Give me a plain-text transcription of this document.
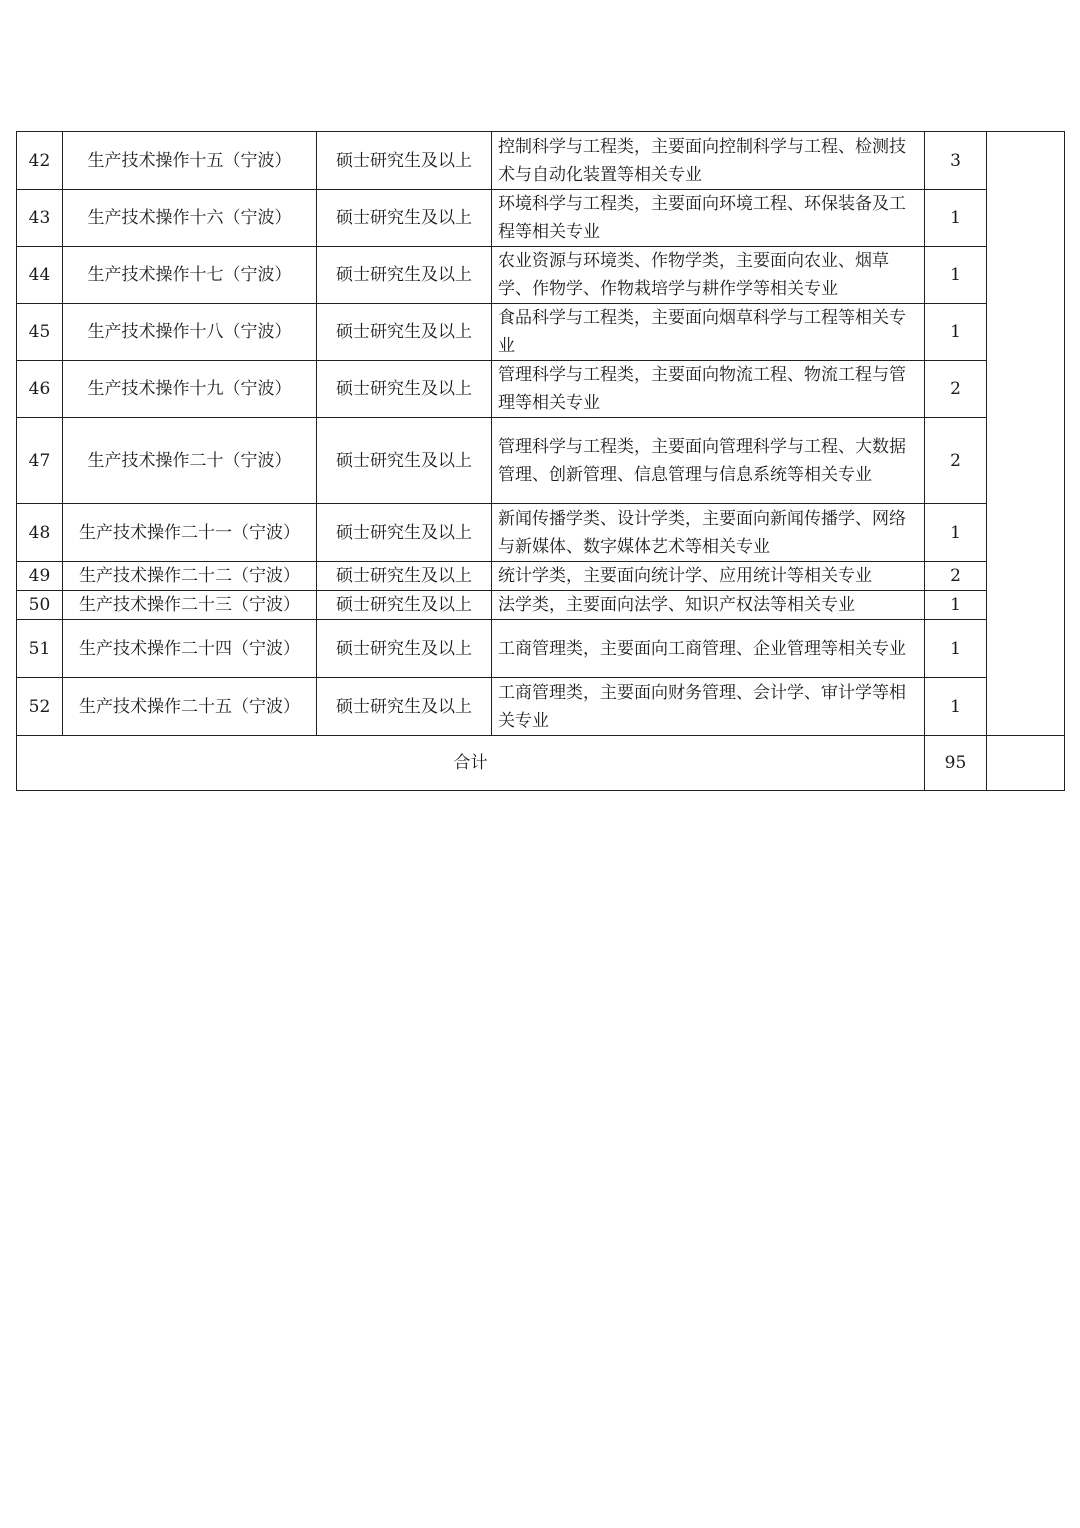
42	生产技术操作十五（宁波）	硕士研究生及以上	控制科学与工程类，主要面向控制科学与工程、检测技术与自动化装置等相关专业	3	
43	生产技术操作十六（宁波）	硕士研究生及以上	环境科学与工程类，主要面向环境工程、环保装备及工程等相关专业	1	
44	生产技术操作十七（宁波）	硕士研究生及以上	农业资源与环境类、作物学类，主要面向农业、烟草学、作物学、作物栽培学与耕作学等相关专业	1	
45	生产技术操作十八（宁波）	硕士研究生及以上	食品科学与工程类，主要面向烟草科学与工程等相关专业	1	
46	生产技术操作十九（宁波）	硕士研究生及以上	管理科学与工程类，主要面向物流工程、物流工程与管理等相关专业	2	
47	生产技术操作二十（宁波）	硕士研究生及以上	管理科学与工程类，主要面向管理科学与工程、大数据管理、创新管理、信息管理与信息系统等相关专业	2	
48	生产技术操作二十一（宁波）	硕士研究生及以上	新闻传播学类、设计学类，主要面向新闻传播学、网络与新媒体、数字媒体艺术等相关专业	1	
49	生产技术操作二十二（宁波）	硕士研究生及以上	统计学类，主要面向统计学、应用统计等相关专业	2	
50	生产技术操作二十三（宁波）	硕士研究生及以上	法学类，主要面向法学、知识产权法等相关专业	1	
51	生产技术操作二十四（宁波）	硕士研究生及以上	工商管理类，主要面向工商管理、企业管理等相关专业	1	
52	生产技术操作二十五（宁波）	硕士研究生及以上	工商管理类，主要面向财务管理、会计学、审计学等相关专业	1	
合计				95	
